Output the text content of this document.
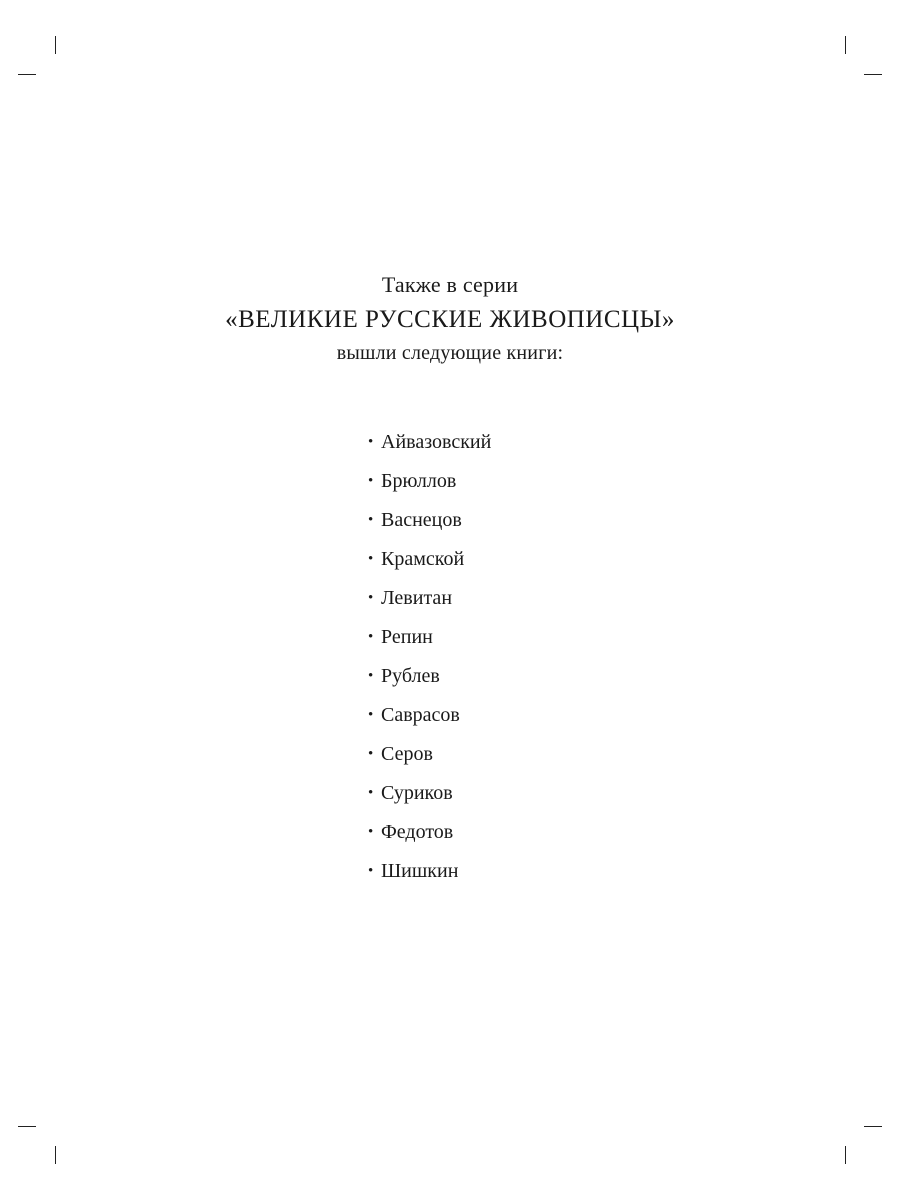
Также в серии
«ВЕЛИКИЕ РУССКИЕ ЖИВОПИСЦЫ»
вышли следующие книги:
• Айвазовский
• Брюллов
• Васнецов
• Крамской
• Левитан
• Репин
• Рублев
• Саврасов
• Серов
• Суриков
• Федотов
• Шишкин
